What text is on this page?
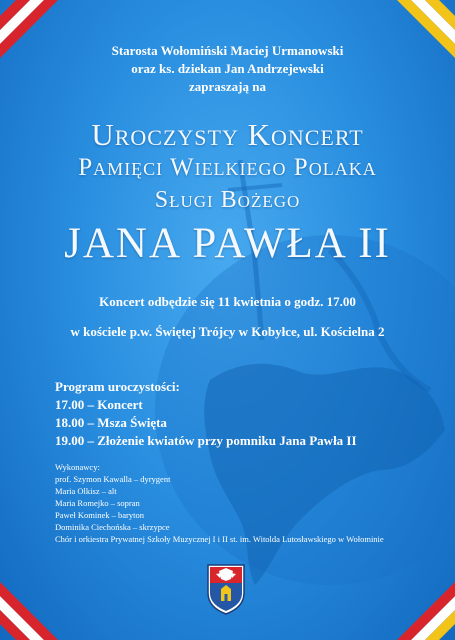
Starosta Wołomiński Maciej Urmanowski
oraz ks. dziekan Jan Andrzejewski
zapraszają na
Uroczysty Koncert
Pamięci Wielkiego Polaka
Sługi Bożego
JANA PAWŁA II
Koncert odbędzie się 11 kwietnia o godz. 17.00
w kościele p.w. Świętej Trójcy w Kobyłce, ul. Kościelna 2
Program uroczystości:
17.00 – Koncert
18.00 – Msza Święta
19.00 – Złożenie kwiatów przy pomniku Jana Pawła II
Wykonawcy:
prof. Szymon Kawalla – dyrygent
Maria Olkisz – alt
Maria Romejko – sopran
Paweł Kominek – baryton
Dominika Ciechońska – skrzypce
Chór i orkiestra Prywatnej Szkoły Muzycznej I i II st. im. Witolda Lutosławskiego w Wołominie
